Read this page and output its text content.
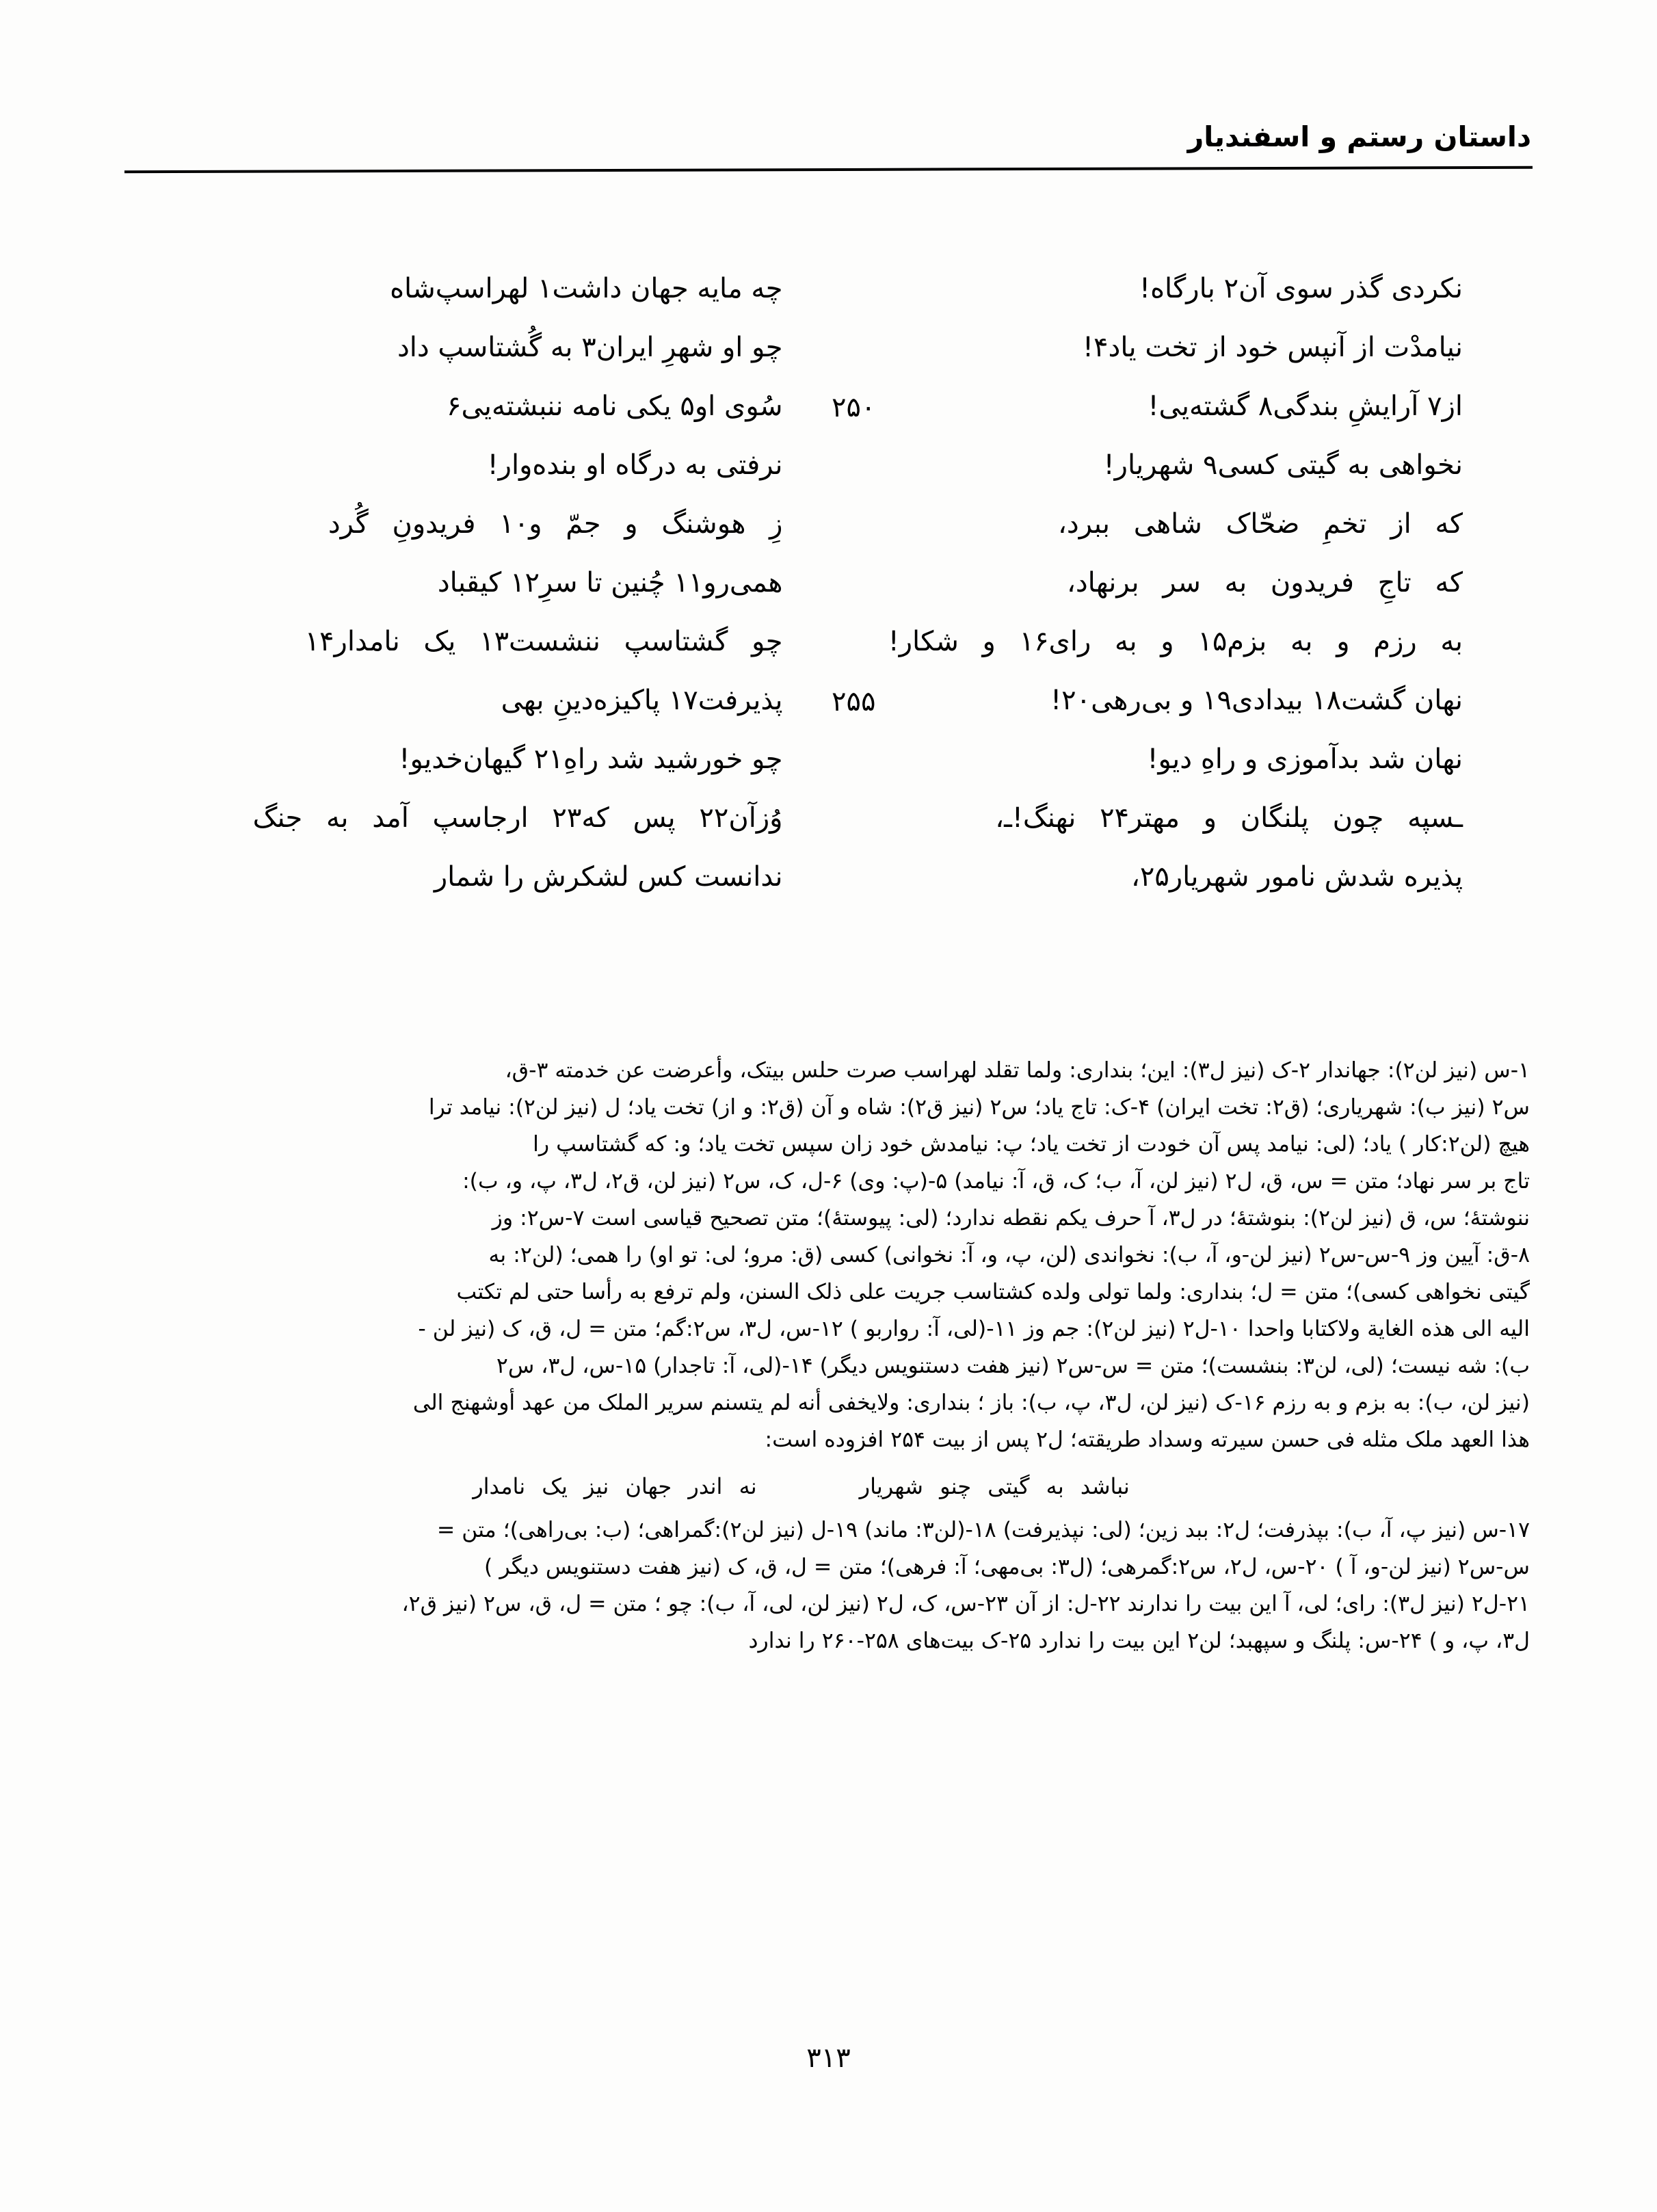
داستان رستم و اسفندیار
نکردی گذر سوی آن۲ بارگاه!
چه مایه جهان داشت۱ لهراسپ‌شاه
نیامدْت از آنپس خود از تخت یاد۴!
چو او شهرِ ایران۳ به گُشتاسپ داد
از۷ آرایشِ بندگی۸ گشته‌یی!
۲۵۰
سُوی او۵ یکی نامه ننبشته‌یی۶
نخواهی به گیتی کسی۹ شهریار!
نرفتی به درگاه او بنده‌وار!
که از تخمِ ضحّاک شاهی ببرد،
زِ هوشنگ و جمّ و۱۰ فریدونِ گُرد
که تاجِ فریدون به سر برنهاد،
همی‌رو۱۱ چُنین تا سرِ۱۲ کیقباد
به رزم و به بزم۱۵ و به رای۱۶ و شکار!
چو گشتاسپ ننشست۱۳ یک نامدار۱۴
نهان گشت۱۸ بیدادی۱۹ و بی‌رهی۲۰!
۲۵۵
پذیرفت۱۷ پاکیزه‌دینِ بهی
نهان شد بدآموزی و راهِ دیو!
چو خورشید شد راهِ۲۱ گیهان‌خدیو!
ـسپه چون پلنگان و مهتر۲۴ نهنگ!ـ،
وُزآن۲۲ پس که۲۳ ارجاسپ آمد به جنگ
پذیره شدش نامور شهریار۲۵،
ندانست کس لشکرش را شمار
۱-س (نیز لن۲): جهاندار ۲-ک (نیز ل۳): این؛ بنداری: ولما تقلد لهراسب صرت حلس بیتک، وأعرضت عن خدمته ۳-ق،
س۲ (نیز ب): شهریاری؛ (ق۲: تخت ایران) ۴-ک: تاج یاد؛ س۲ (نیز ق۲): شاه و آن (ق۲: و از) تخت یاد؛ ل (نیز لن۲): نیامد ترا
هیچ (لن۲:کار ) یاد؛ (لی: نیامد پس آن خودت از تخت یاد؛ پ: نیامدش خود زان سپس تخت یاد؛ و: که گشتاسپ را
تاج بر سر نهاد؛ متن = س، ق، ل۲ (نیز لن، آ، ب؛ ک، ق، آ: نیامد) ۵-(پ: وی) ۶-ل، ک، س۲ (نیز لن، ق۲، ل۳، پ، و، ب):
ننوشتهٔ؛ س، ق (نیز لن۲): بنوشتهٔ؛ در ل۳، آ حرف یکم نقطه ندارد؛ (لی: پیوستهٔ)؛ متن تصحیح قیاسی است ۷-س۲: وز
۸-ق: آیین وز ۹-س-س۲ (نیز لن-و، آ، ب): نخواندی (لن، پ، و، آ: نخوانی) کسی (ق: مرو؛ لی: تو او) را همی؛ (لن۲: به
گیتی نخواهی کسی)؛ متن = ل؛ بنداری: ولما تولی ولده کشتاسب جریت علی ذلک السنن، ولم ترفع به رأسا حتی لم تکتب
الیه الی هذه الغایة ولاکتابا واحدا ۱۰-ل۲ (نیز لن۲): جم وز ۱۱-(لی، آ: رواربو ) ۱۲-س، ل۳، س۲:گم؛ متن = ل، ق، ک (نیز لن -
ب): شه نیست؛ (لی، لن۳: بنشست)؛ متن = س-س۲ (نیز هفت دستنویس دیگر) ۱۴-(لی، آ: تاجدار) ۱۵-س، ل۳، س۲
(نیز لن، ب): به بزم و به رزم ۱۶-ک (نیز لن، ل۳، پ، ب): باز ؛ بنداری: ولایخفی أنه لم یتسنم سریر الملک من عهد أوشهنج الی
هذا العهد ملک مثله فی حسن سیرته وسداد طریقته؛ ل۲ پس از بیت ۲۵۴ افزوده است:
نباشد به گیتی چنو شهریار
نه اندر جهان نیز یک نامدار
۱۷-س (نیز پ، آ، ب): بپذرفت؛ ل۲: ببد زین؛ (لی: نپذیرفت) ۱۸-(لن۳: ماند) ۱۹-ل (نیز لن۲):گمراهی؛ (ب: بی‌راهی)؛ متن =
س-س۲ (نیز لن-و، آ ) ۲۰-س، ل۲، س۲:گمرهی؛ (ل۳: بی‌مهی؛ آ: فرهی)؛ متن = ل، ق، ک (نیز هفت دستنویس دیگر )
۲۱-ل۲ (نیز ل۳): رای؛ لی، آ این بیت را ندارند ۲۲-ل: از آن ۲۳-س، ک، ل۲ (نیز لن، لی، آ، ب): چو ؛ متن = ل، ق، س۲ (نیز ق۲،
ل۳، پ، و ) ۲۴-س: پلنگ و سپهبد؛ لن۲ این بیت را ندارد ۲۵-ک بیت‌های ۲۵۸-۲۶۰ را ندارد
۳۱۳
